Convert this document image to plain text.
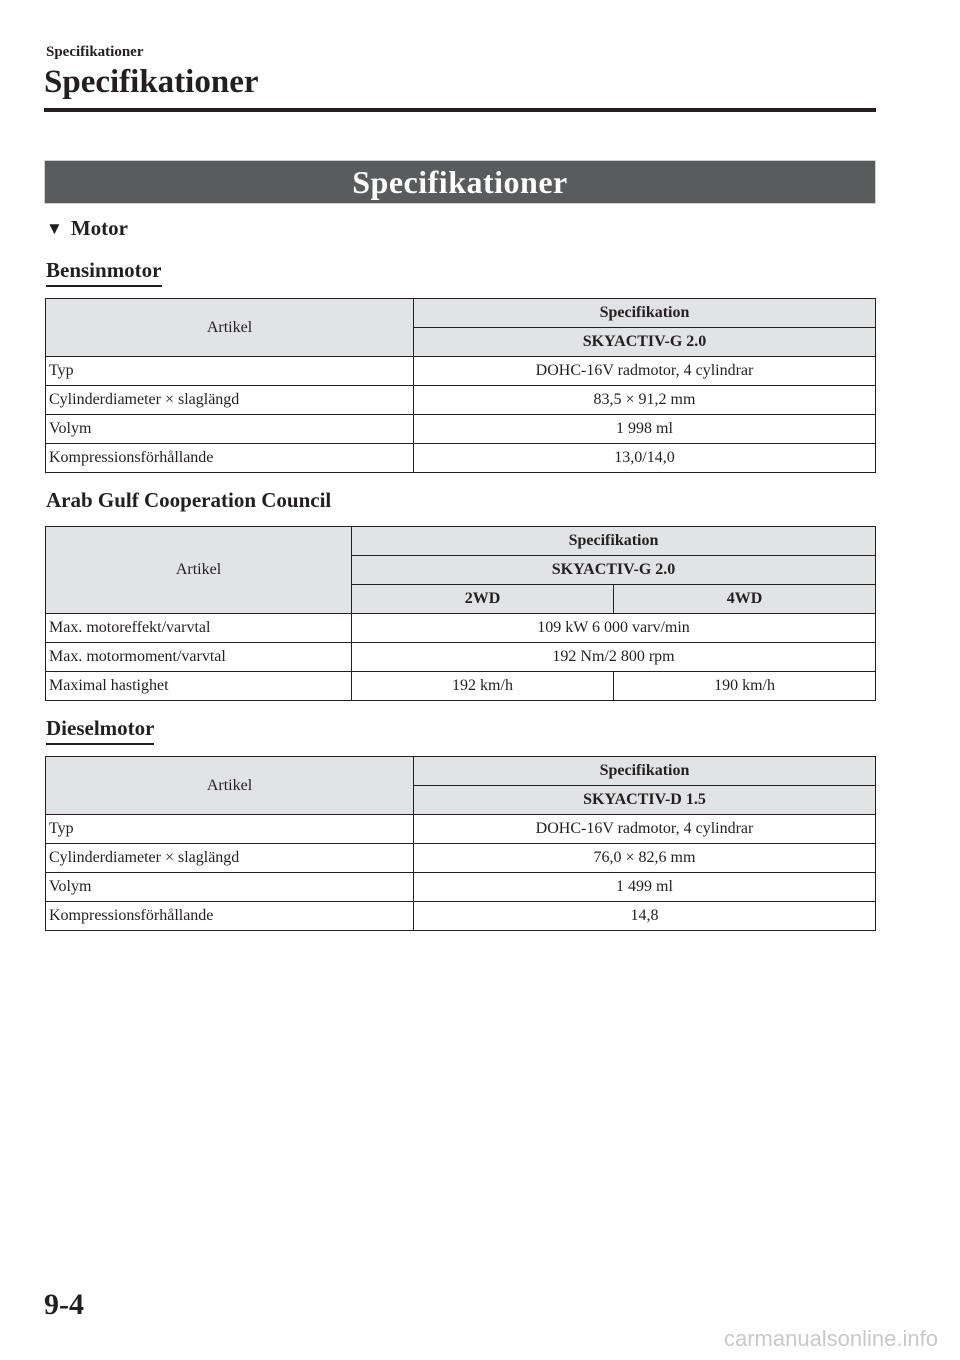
Specifikationer
Specifikationer
Specifikationer
▼ Motor
Bensinmotor
Artikel	Specifikation
	SKYACTIV-G 2.0
Typ	DOHC-16V radmotor, 4 cylindrar
Cylinderdiameter × slaglängd	83,5 × 91,2 mm
Volym	1 998 ml
Kompressionsförhållande	13,0/14,0
Arab Gulf Cooperation Council
Artikel	Specifikation	
	SKYACTIV-G 2.0	
	2WD	4WD
Max. motoreffekt/varvtal	109 kW 6 000 varv/min	
Max. motormoment/varvtal	192 Nm/2 800 rpm	
Maximal hastighet	192 km/h	190 km/h
Dieselmotor
Artikel	Specifikation
	SKYACTIV-D 1.5
Typ	DOHC-16V radmotor, 4 cylindrar
Cylinderdiameter × slaglängd	76,0 × 82,6 mm
Volym	1 499 ml
Kompressionsförhållande	14,8
9-4
carmanualsonline.info
